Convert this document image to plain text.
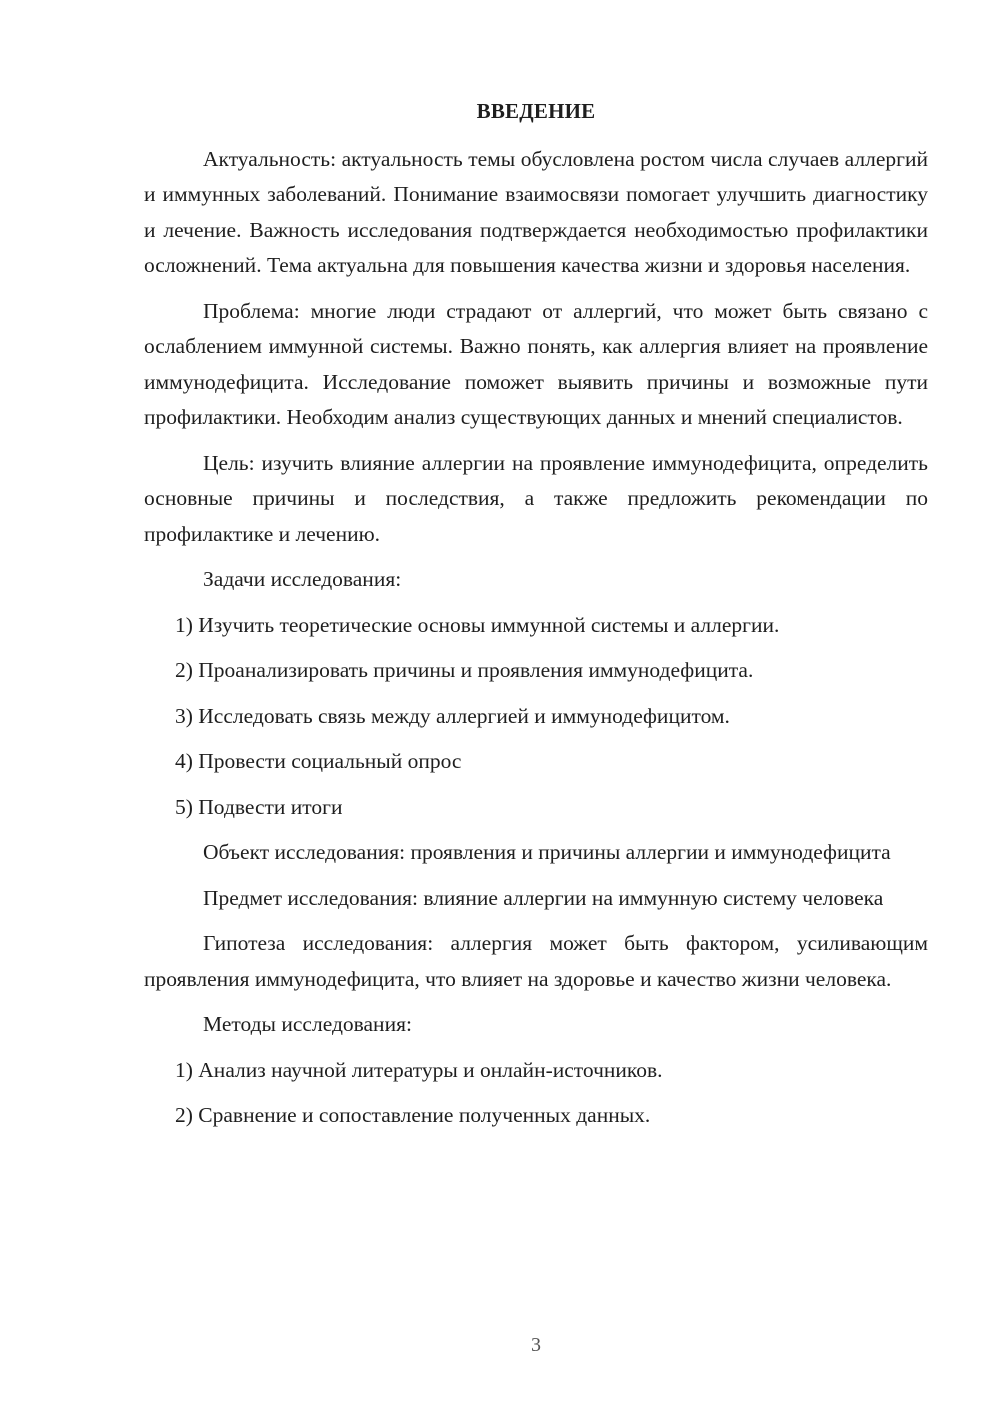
ВВЕДЕНИЕ

Актуальность: актуальность темы обусловлена ростом числа случаев аллергий и иммунных заболеваний. Понимание взаимосвязи помогает улучшить диагностику и лечение. Важность исследования подтверждается необходимостью профилактики осложнений. Тема актуальна для повышения качества жизни и здоровья населения.

Проблема: многие люди страдают от аллергий, что может быть связано с ослаблением иммунной системы. Важно понять, как аллергия влияет на проявление иммунодефицита. Исследование поможет выявить причины и возможные пути профилактики. Необходим анализ существующих данных и мнений специалистов.

Цель: изучить влияние аллергии на проявление иммунодефицита, определить основные причины и последствия, а также предложить рекомендации по профилактике и лечению.

Задачи исследования:

1) Изучить теоретические основы иммунной системы и аллергии.

2) Проанализировать причины и проявления иммунодефицита.

3) Исследовать связь между аллергией и иммунодефицитом.

4) Провести социальный опрос

5) Подвести итоги

Объект исследования: проявления и причины аллергии и иммунодефицита

Предмет исследования: влияние аллергии на иммунную систему человека

Гипотеза исследования: аллергия может быть фактором, усиливающим проявления иммунодефицита, что влияет на здоровье и качество жизни человека.

Методы исследования:

1) Анализ научной литературы и онлайн-источников.

2) Сравнение и сопоставление полученных данных.

3
